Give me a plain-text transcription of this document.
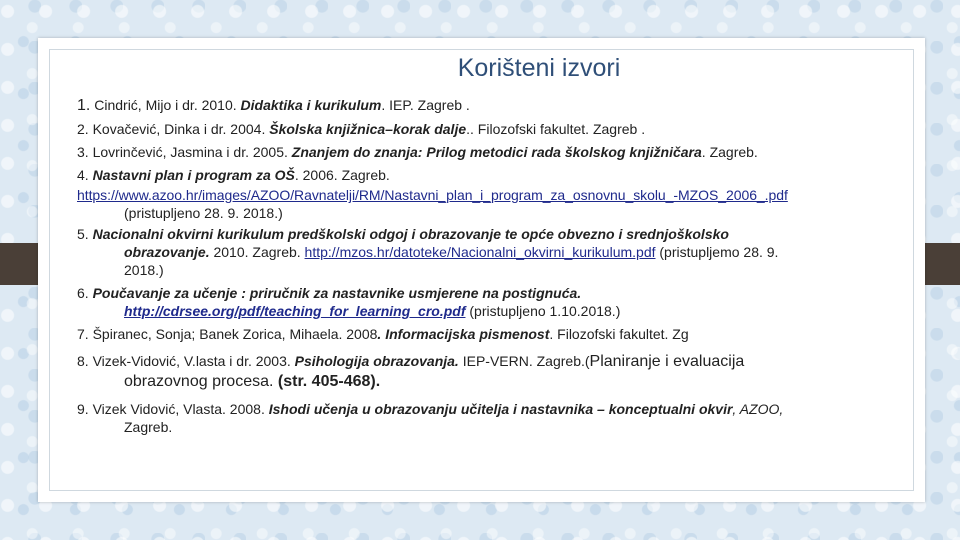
Korišteni izvori
1. Cindrić, Mijo i dr. 2010. Didaktika i kurikulum. IEP. Zagreb .
2. Kovačević, Dinka i dr. 2004. Školska knjižnica–korak dalje.. Filozofski fakultet. Zagreb .
3. Lovrinčević, Jasmina i dr. 2005. Znanjem do znanja: Prilog metodici rada školskog knjižničara. Zagreb.
4. Nastavni plan i program za OŠ. 2006. Zagreb.
https://www.azoo.hr/images/AZOO/Ravnatelji/RM/Nastavni_plan_i_program_za_osnovnu_skolu_-MZOS_2006_.pdf
(pristupljeno 28. 9. 2018.)
5. Nacionalni okvirni kurikulum predškolski odgoj i obrazovanje te opće obvezno i srednjoškolsko
obrazovanje. 2010. Zagreb. http://mzos.hr/datoteke/Nacionalni_okvirni_kurikulum.pdf (pristupljemo 28. 9.
2018.)
6. Poučavanje za učenje : priručnik za nastavnike usmjerene na postignuća.
http://cdrsee.org/pdf/teaching_for_learning_cro.pdf (pristupljeno 1.10.2018.)
7. Špiranec, Sonja; Banek Zorica, Mihaela. 2008. Informacijska pismenost. Filozofski fakultet. Zg
8. Vizek-Vidović, V.lasta i dr. 2003. Psihologija obrazovanja. IEP-VERN. Zagreb.(Planiranje i evaluacija
obrazovnog procesa. (str. 405-468).
9. Vizek Vidović, Vlasta. 2008. Ishodi učenja u obrazovanju učitelja i nastavnika – konceptualni okvir, AZOO,
Zagreb.
